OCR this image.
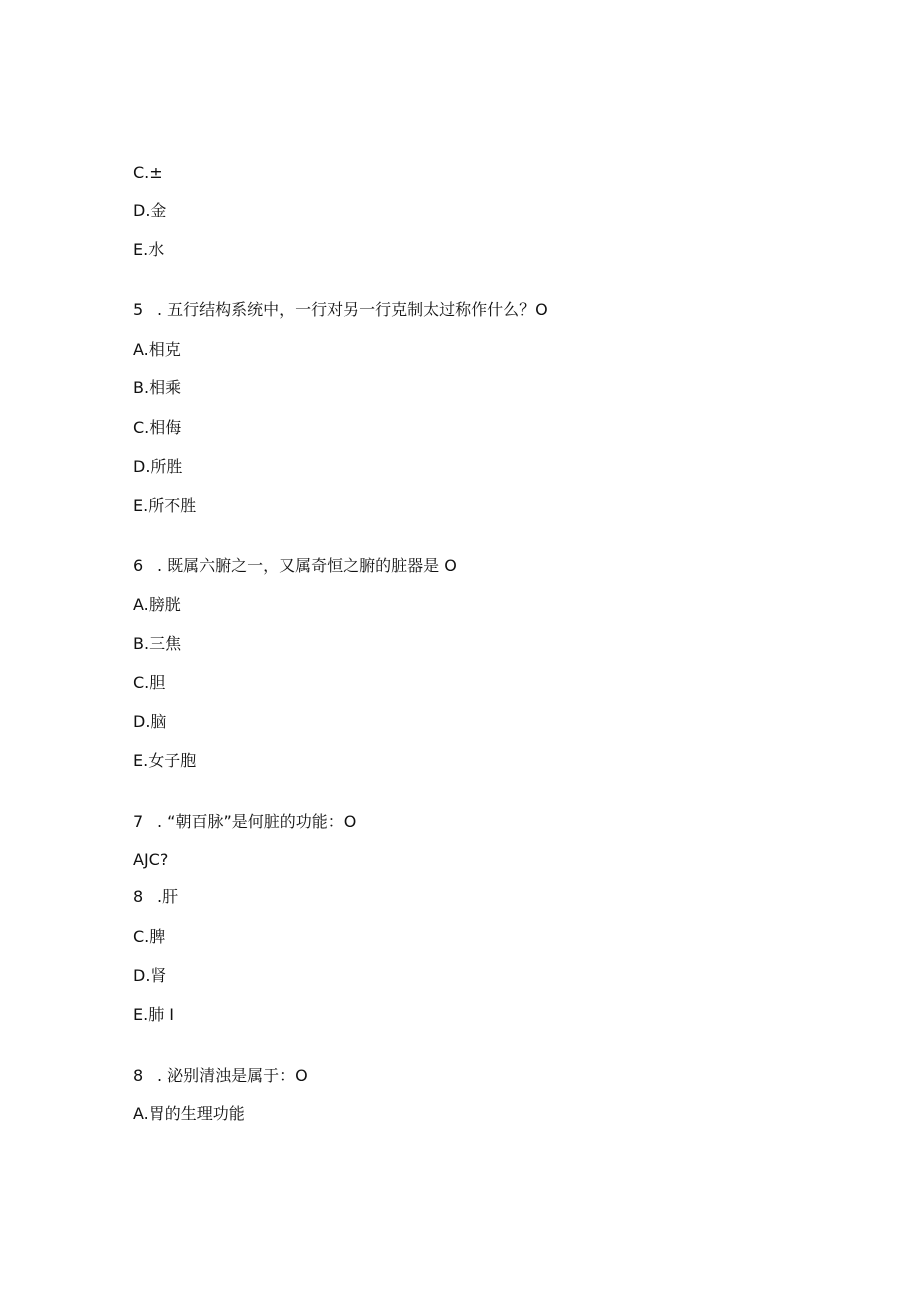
C.±
D.金
E.水
5 . 五行结构系统中，一行对另一行克制太过称作什么？O
A.相克
B.相乘
C.相侮
D.所胜
E.所不胜
6 . 既属六腑之一，又属奇恒之腑的脏器是 O
A.膀胱
B.三焦
C.胆
D.脑
E.女子胞
7 . “朝百脉”是何脏的功能：O
AJC?
8 .肝
C.脾
D.肾
E.肺 I
8 . 泌别清浊是属于：O
A.胃的生理功能
